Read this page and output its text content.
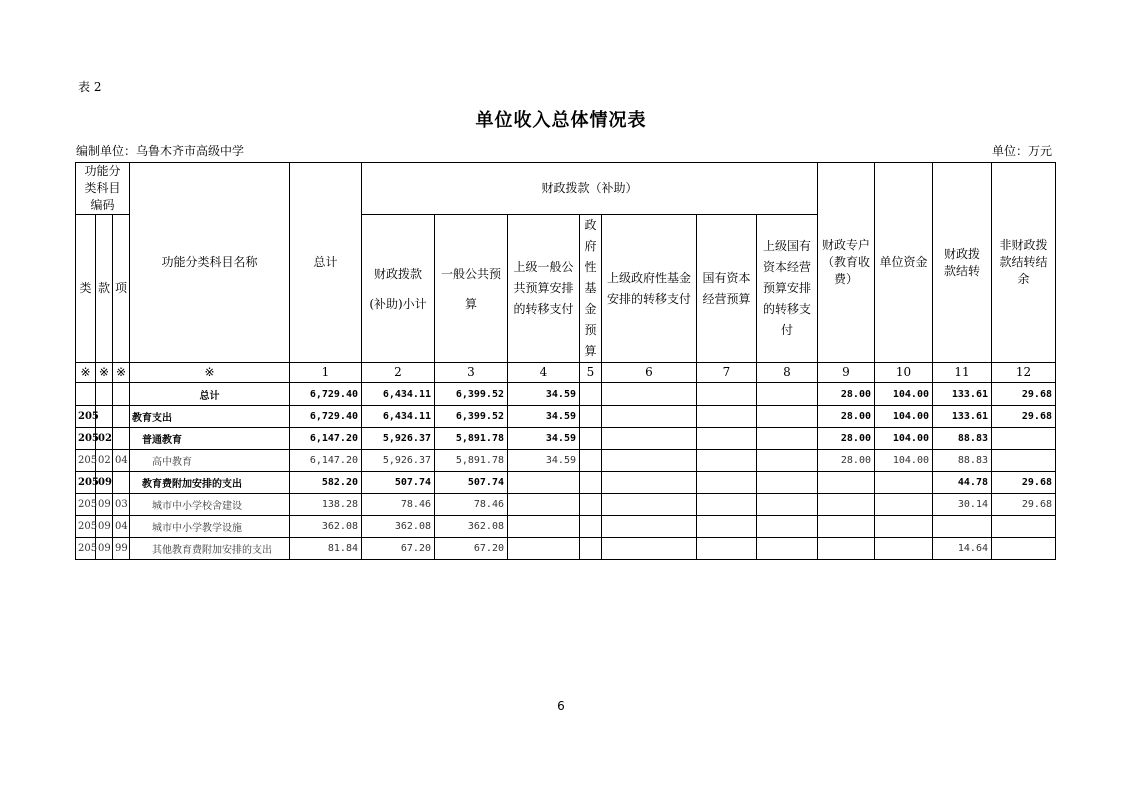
表 2
单位收入总体情况表
编制单位：乌鲁木齐市高级中学	单位：万元
功能分类科目编码			功能分类科目名称	总计	财政拨款（补助）							财政专户（教育收费）	单位资金	财政拨款结转	非财政拨款结转结余

类	款	项			财政拨款(补助)小计	一般公共预算	上级一般公共预算安排的转移支付	政府性基金预算	上级政府性基金安排的转移支付	国有资本经营预算	上级国有资本经营预算安排的转移支付				

※	※	※	※	1	2	3	4	5	6	7	8	9	10	11	12
			总计	6,729.40	6,434.11	6,399.52	34.59					28.00	104.00	133.61	29.68
205			教育支出	6,729.40	6,434.11	6,399.52	34.59					28.00	104.00	133.61	29.68
205	02		普通教育	6,147.20	5,926.37	5,891.78	34.59					28.00	104.00	88.83	
205	02	04	高中教育	6,147.20	5,926.37	5,891.78	34.59					28.00	104.00	88.83	
205	09		教育费附加安排的支出	582.20	507.74	507.74								44.78	29.68
205	09	03	城市中小学校舍建设	138.28	78.46	78.46								30.14	29.68
205	09	04	城市中小学教学设施	362.08	362.08	362.08									
205	09	99	其他教育费附加安排的支出	81.84	67.20	67.20								14.64	
6
